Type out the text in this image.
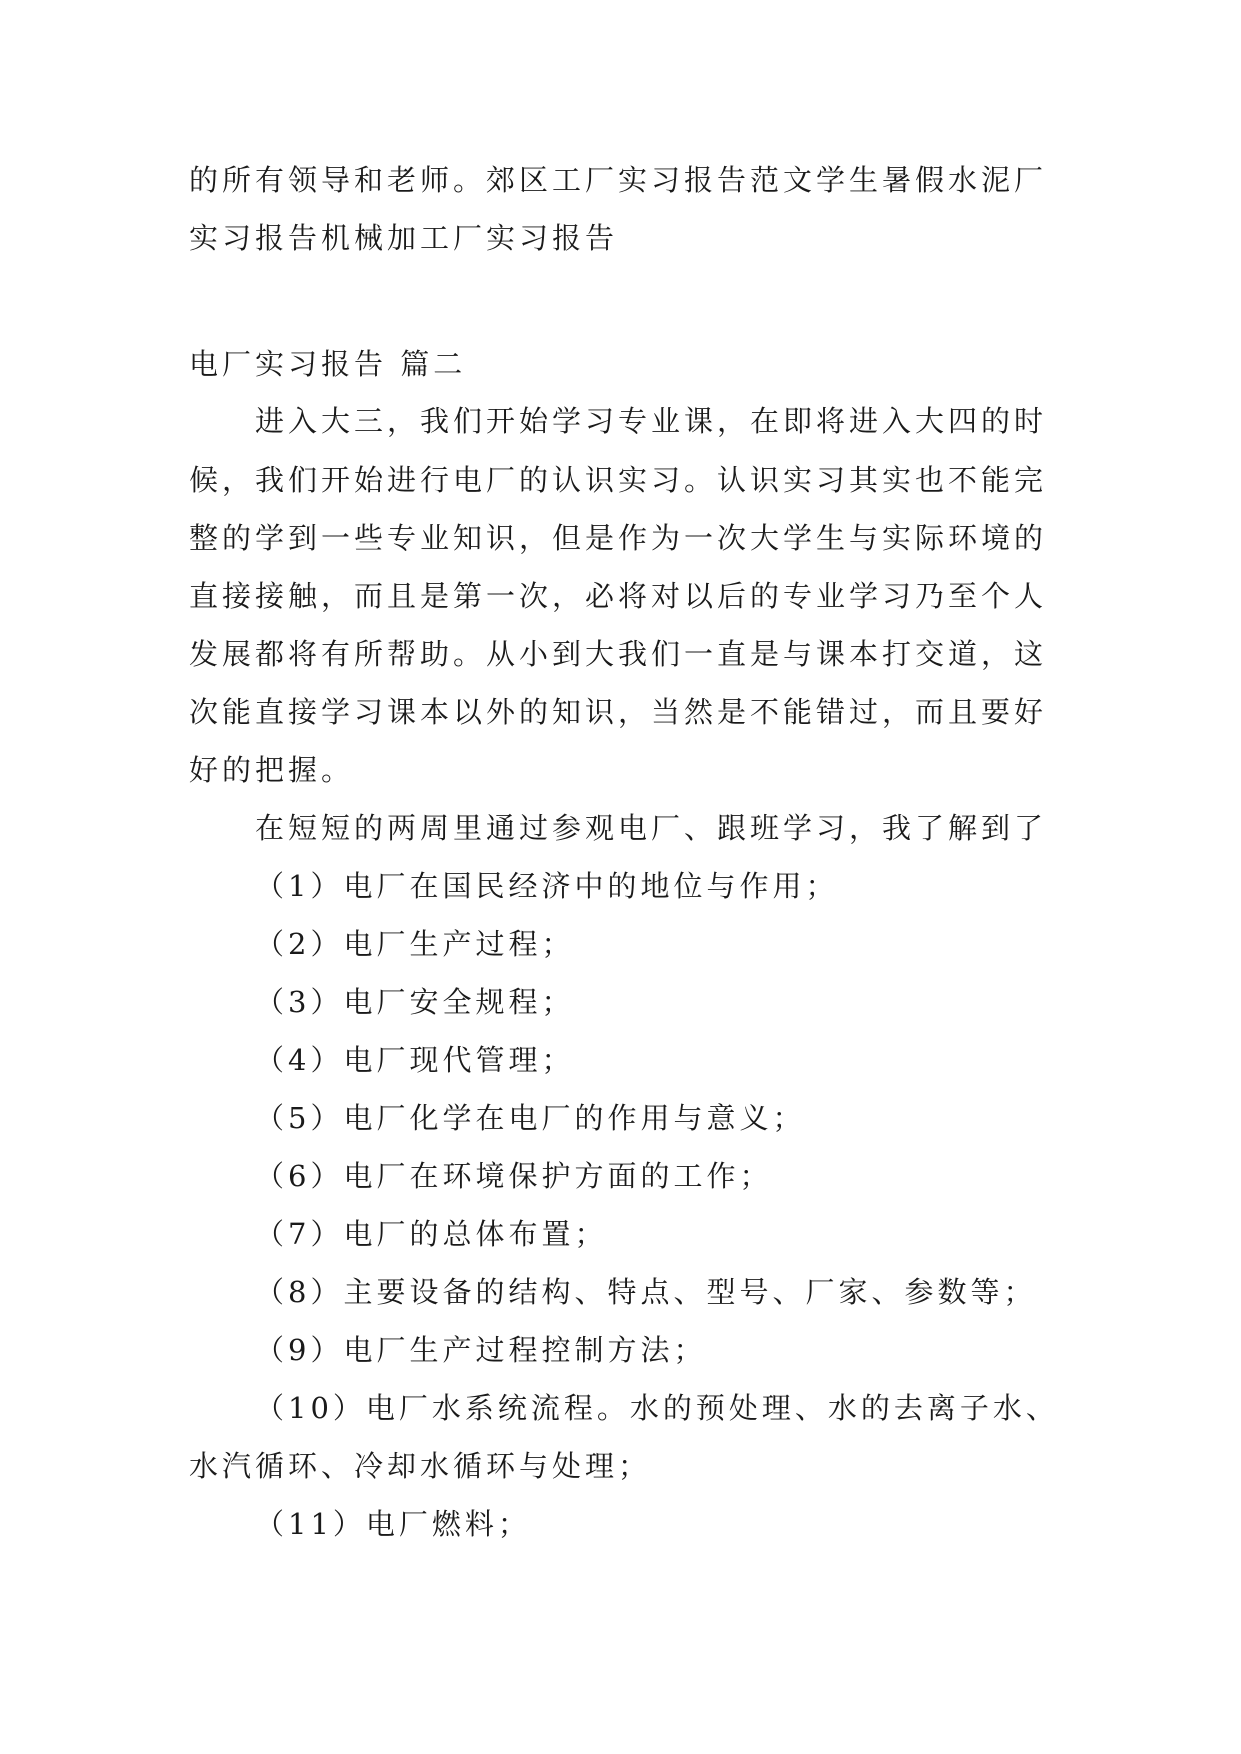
的所有领导和老师。郊区工厂实习报告范文学生暑假水泥厂
实习报告机械加工厂实习报告
电厂实习报告 篇二
进入大三，我们开始学习专业课，在即将进入大四的时
候，我们开始进行电厂的认识实习。认识实习其实也不能完
整的学到一些专业知识，但是作为一次大学生与实际环境的
直接接触，而且是第一次，必将对以后的专业学习乃至个人
发展都将有所帮助。从小到大我们一直是与课本打交道，这
次能直接学习课本以外的知识，当然是不能错过，而且要好
好的把握。
在短短的两周里通过参观电厂、跟班学习，我了解到了
（1）电厂在国民经济中的地位与作用；
（2）电厂生产过程；
（3）电厂安全规程；
（4）电厂现代管理；
（5）电厂化学在电厂的作用与意义；
（6）电厂在环境保护方面的工作；
（7）电厂的总体布置；
（8）主要设备的结构、特点、型号、厂家、参数等；
（9）电厂生产过程控制方法；
（10）电厂水系统流程。水的预处理、水的去离子水、
水汽循环、冷却水循环与处理；
（11）电厂燃料；
